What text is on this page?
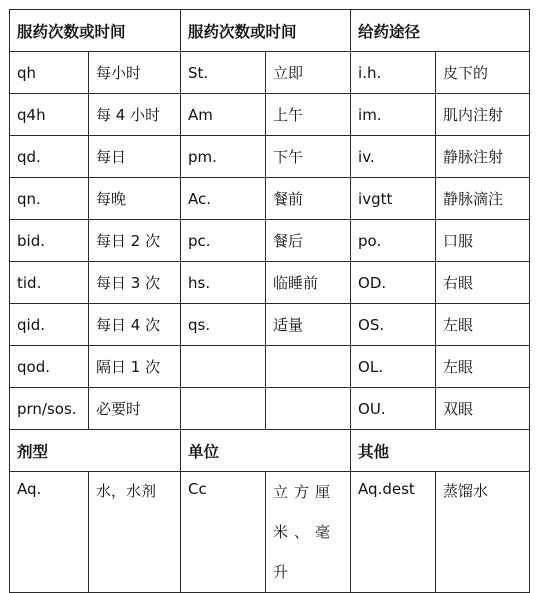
服药次数或时间		服药次数或时间		给药途径	
qh	每小时	St.	立即	i.h.	皮下的
q4h	每 4 小时	Am	上午	im.	肌内注射
qd.	每日	pm.	下午	iv.	静脉注射
qn.	每晚	Ac.	餐前	ivgtt	静脉滴注
bid.	每日 2 次	pc.	餐后	po.	口服
tid.	每日 3 次	hs.	临睡前	OD.	右眼
qid.	每日 4 次	qs.	适量	OS.	左眼
qod.	隔日 1 次			OL.	左眼
prn/sos.	必要时			OU.	双眼
剂型		单位		其他	
Aq.	水，水剂	Cc	立方厘米、毫升	Aq.dest	蒸馏水
